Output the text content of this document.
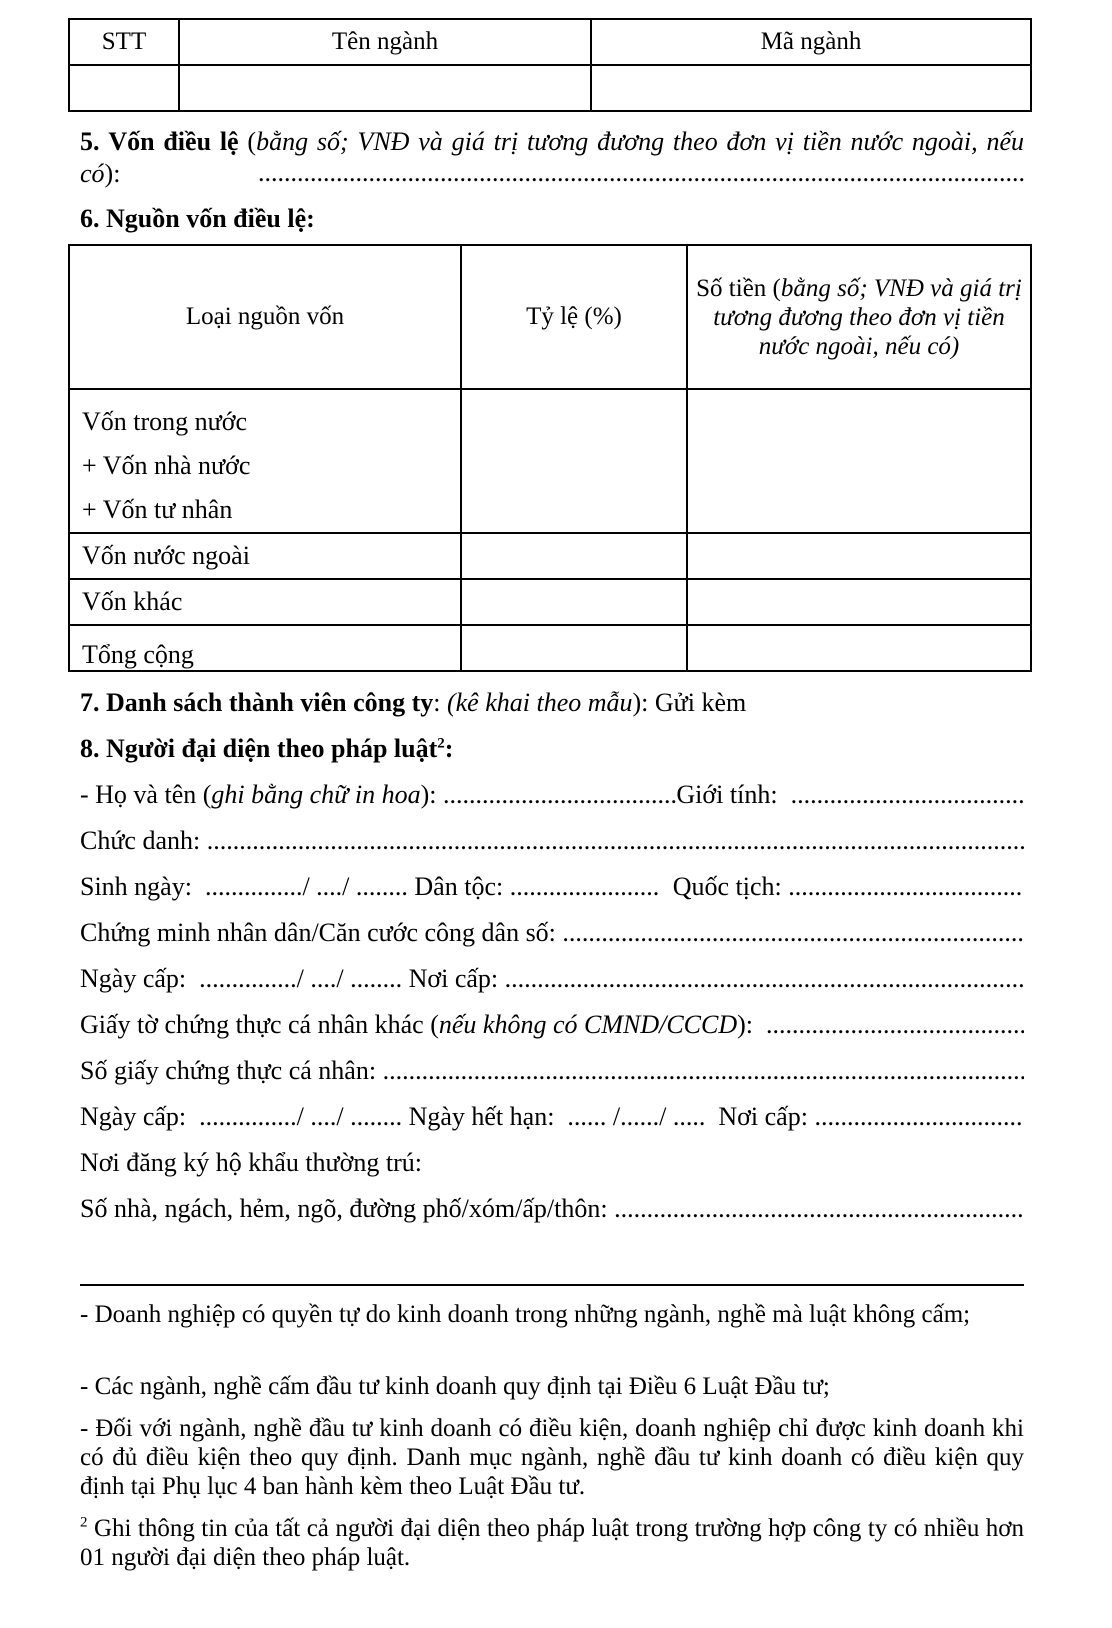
STT	Tên ngành	Mã ngành

5. Vốn điều lệ (bằng số; VNĐ và giá trị tương đương theo đơn vị tiền nước ngoài, nếu có):
.....
6. Nguồn vốn điều lệ:
Loại nguồn vốn	Tỷ lệ (%)	Số tiền (bằng số; VNĐ và giá trị tương đương theo đơn vị tiền nước ngoài, nếu có)

Vốn trong nước
+ Vốn nhà nước
+ Vốn tư nhân		

Vốn nước ngoài		
Vốn khác		
Tổng cộng		
7. Danh sách thành viên công ty: (kê khai theo mẫu): Gửi kèm
8. Người đại diện theo pháp luật$^2$:
- Họ và tên ( ghi bằng chữ in hoa ):
.....	Giới tính:

.....
Chức danh:

.....
Sinh ngày:
............... / ..../ ........
Dân tộc:
.....
	Quốc tịch:

.....
Chứng minh nhân dân/Căn cước công dân số:

.....
Ngày cấp:
............... / ..../ ........
Nơi cấp:

.....
Giấy tờ chứng thực cá nhân khác ( nếu không có CMND/CCCD ):

.....
Số giấy chứng thực cá nhân:

.....
Ngày cấp:
............... / ..../ ........
Ngày hết hạn:
...... /....../ .....
Nơi cấp:

.....
Nơi đăng ký hộ khẩu thường trú:
Số nhà, ngách, hẻm, ngõ, đường phố/xóm/ấp/thôn:

.....
- Doanh nghiệp có quyền tự do kinh doanh trong những ngành, nghề mà luật không cấm;
- Các ngành, nghề cấm đầu tư kinh doanh quy định tại Điều 6 Luật Đầu tư;
- Đối với ngành, nghề đầu tư kinh doanh có điều kiện, doanh nghiệp chỉ được kinh doanh khi có đủ điều kiện theo quy định. Danh mục ngành, nghề đầu tư kinh doanh có điều kiện quy định tại Phụ lục 4 ban hành kèm theo Luật Đầu tư.
$^2$ Ghi thông tin của tất cả người đại diện theo pháp luật trong trường hợp công ty có nhiều hơn 01 người đại diện theo pháp luật.
